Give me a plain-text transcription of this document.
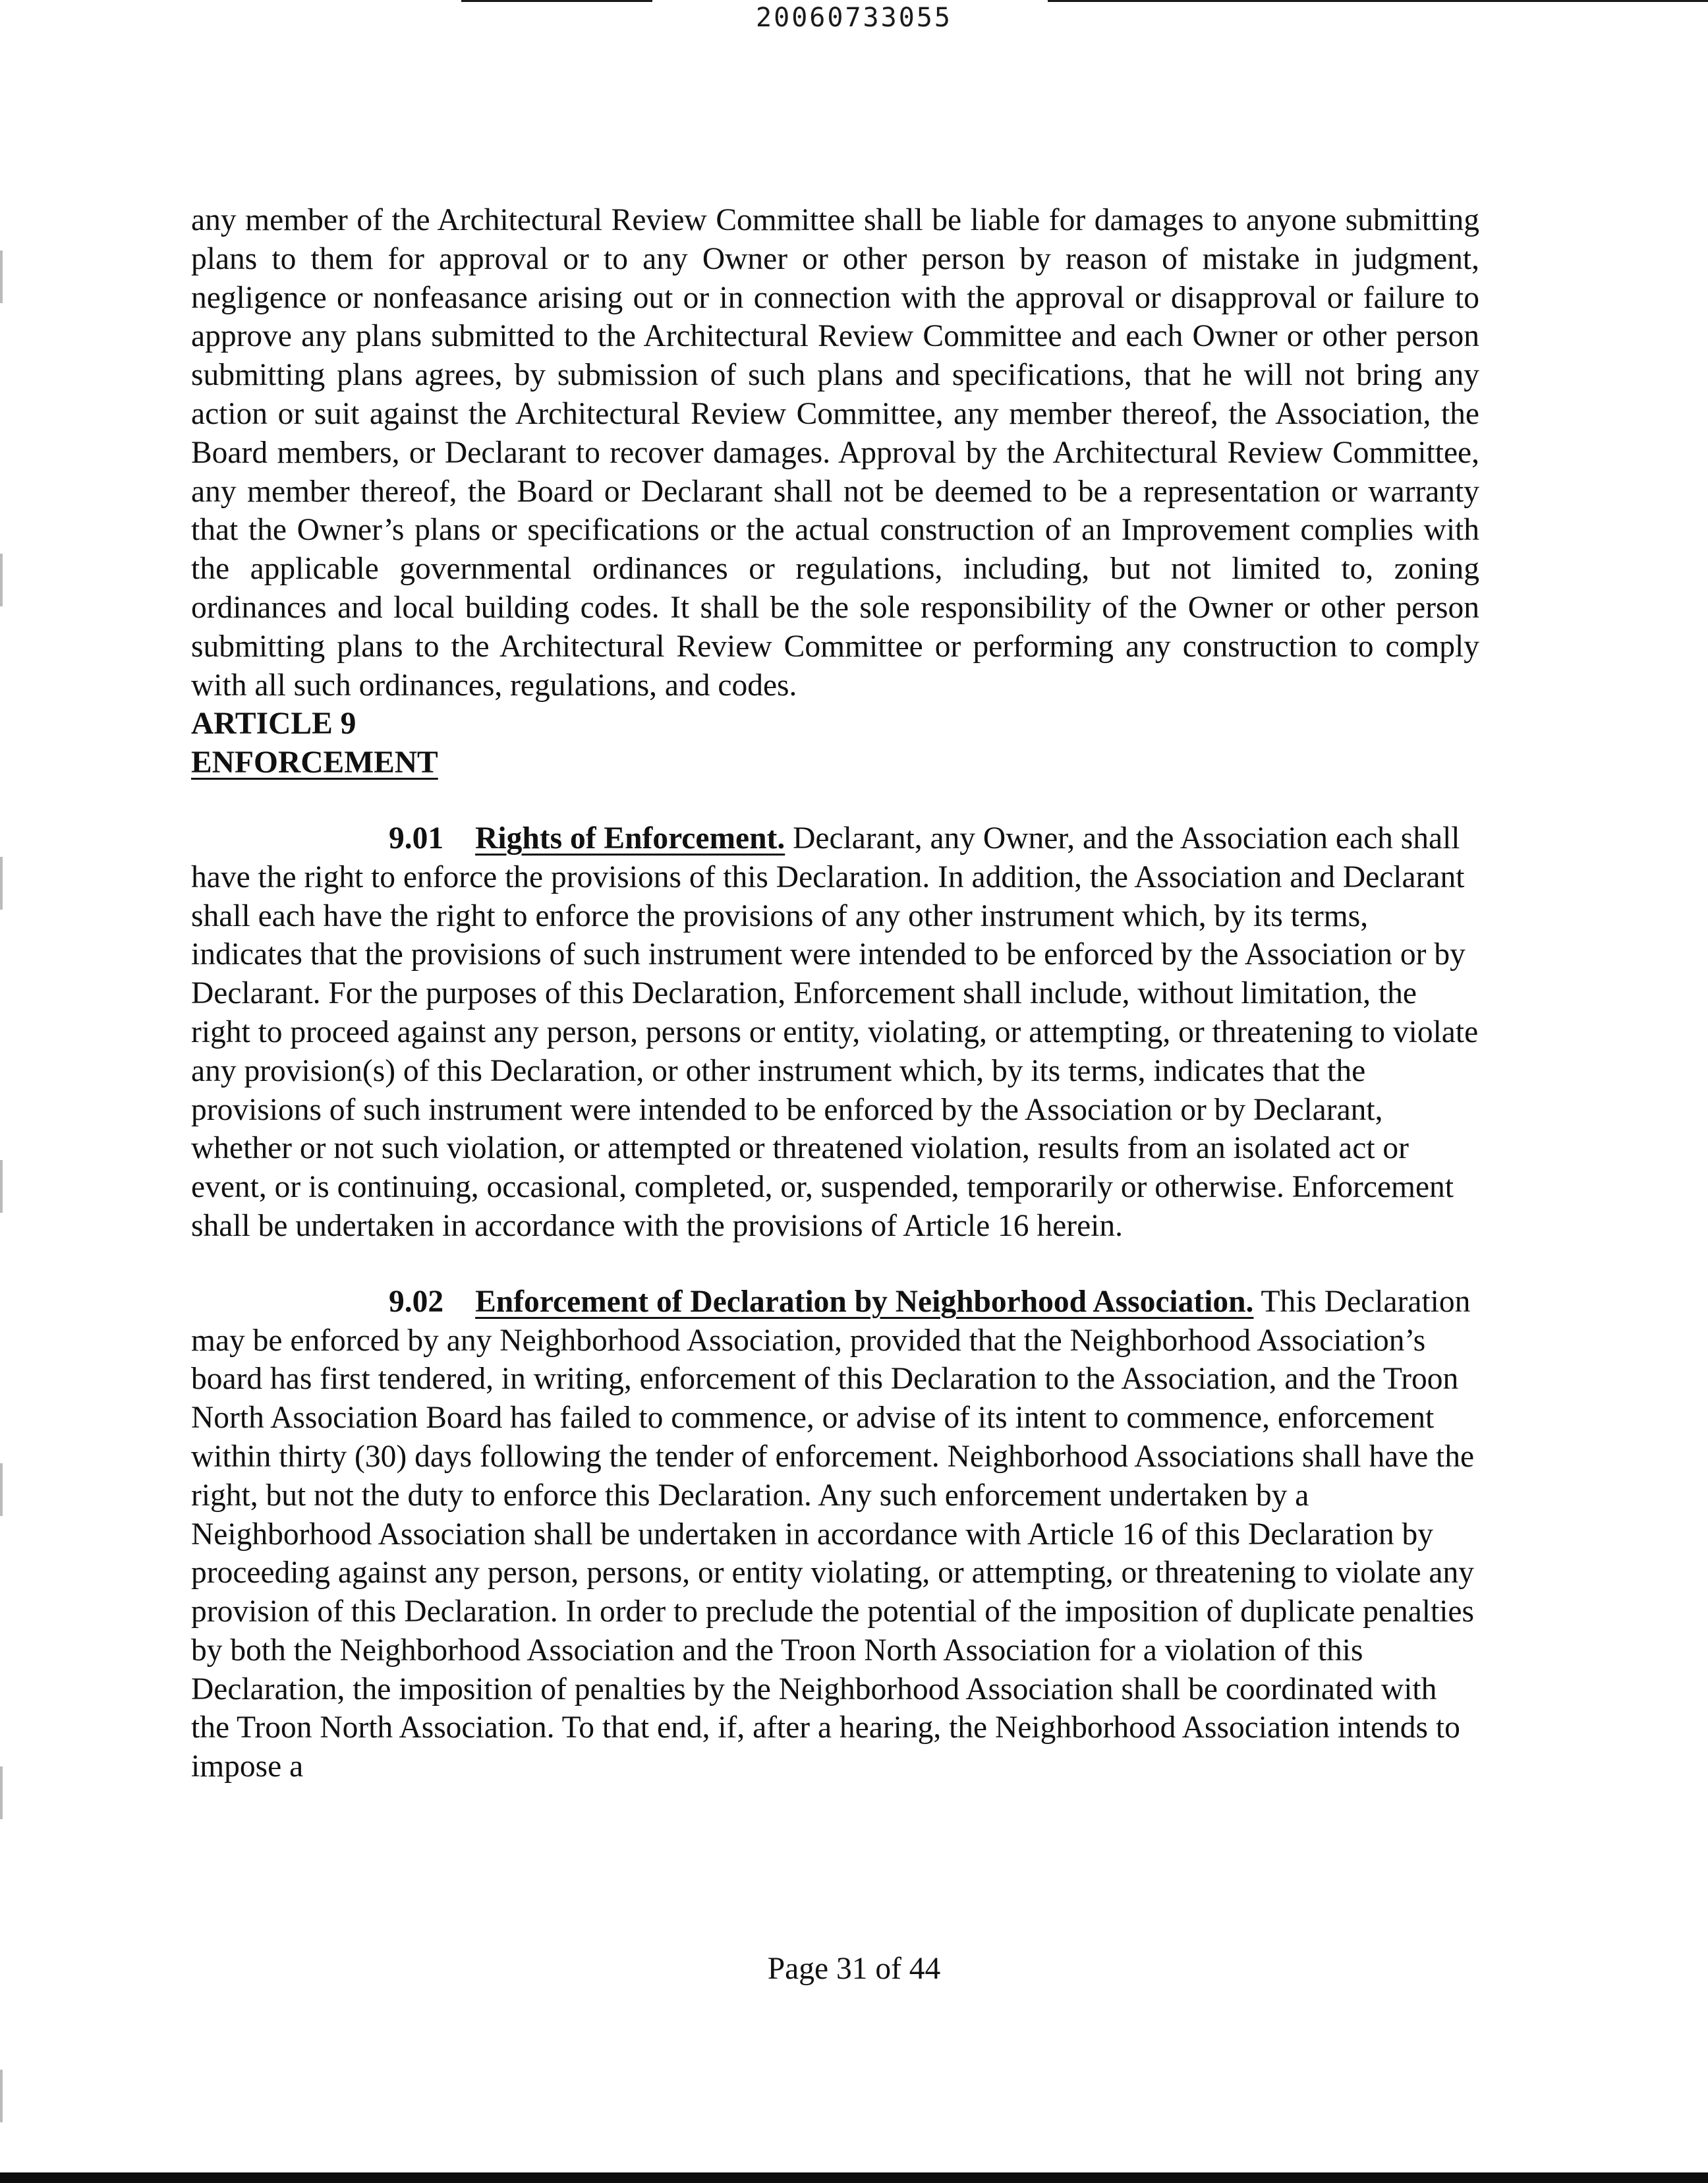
20060733055

any member of the Architectural Review Committee shall be liable for damages to anyone submitting plans to them for approval or to any Owner or other person by reason of mistake in judgment, negligence or nonfeasance arising out or in connection with the approval or disapproval or failure to approve any plans submitted to the Architectural Review Committee and each Owner or other person submitting plans agrees, by submission of such plans and specifications, that he will not bring any action or suit against the Architectural Review Committee, any member thereof, the Association, the Board members, or Declarant to recover damages. Approval by the Architectural Review Committee, any member thereof, the Board or Declarant shall not be deemed to be a representation or warranty that the Owner’s plans or specifications or the actual construction of an Improvement complies with the applicable governmental ordinances or regulations, including, but not limited to, zoning ordinances and local building codes. It shall be the sole responsibility of the Owner or other person submitting plans to the Architectural Review Committee or performing any construction to comply with all such ordinances, regulations, and codes.

ARTICLE 9

ENFORCEMENT

9.01 Rights of Enforcement. Declarant, any Owner, and the Association each shall have the right to enforce the provisions of this Declaration. In addition, the Association and Declarant shall each have the right to enforce the provisions of any other instrument which, by its terms, indicates that the provisions of such instrument were intended to be enforced by the Association or by Declarant. For the purposes of this Declaration, Enforcement shall include, without limitation, the right to proceed against any person, persons or entity, violating, or attempting, or threatening to violate any provision(s) of this Declaration, or other instrument which, by its terms, indicates that the provisions of such instrument were intended to be enforced by the Association or by Declarant, whether or not such violation, or attempted or threatened violation, results from an isolated act or event, or is continuing, occasional, completed, or, suspended, temporarily or otherwise. Enforcement shall be undertaken in accordance with the provisions of Article 16 herein.

9.02 Enforcement of Declaration by Neighborhood Association. This Declaration may be enforced by any Neighborhood Association, provided that the Neighborhood Association’s board has first tendered, in writing, enforcement of this Declaration to the Association, and the Troon North Association Board has failed to commence, or advise of its intent to commence, enforcement within thirty (30) days following the tender of enforcement. Neighborhood Associations shall have the right, but not the duty to enforce this Declaration. Any such enforcement undertaken by a Neighborhood Association shall be undertaken in accordance with Article 16 of this Declaration by proceeding against any person, persons, or entity violating, or attempting, or threatening to violate any provision of this Declaration. In order to preclude the potential of the imposition of duplicate penalties by both the Neighborhood Association and the Troon North Association for a violation of this Declaration, the imposition of penalties by the Neighborhood Association shall be coordinated with the Troon North Association. To that end, if, after a hearing, the Neighborhood Association intends to impose a

Page 31 of 44
